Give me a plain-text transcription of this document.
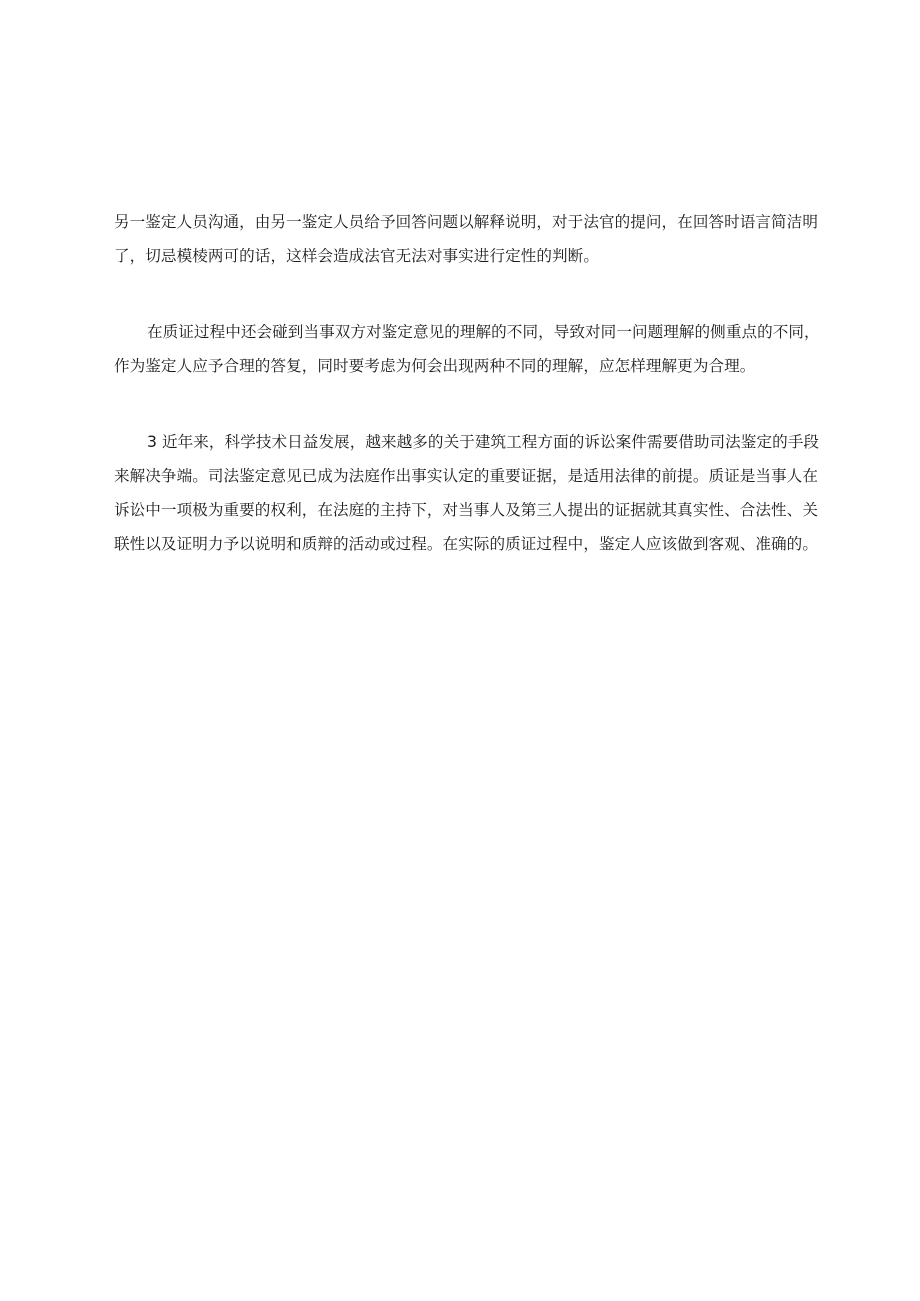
另一鉴定人员沟通，由另一鉴定人员给予回答问题以解释说明，对于法官的提问，在回答时语言简洁明
了，切忌模棱两可的话，这样会造成法官无法对事实进行定性的判断。
在质证过程中还会碰到当事双方对鉴定意见的理解的不同，导致对同一问题理解的侧重点的不同，
作为鉴定人应予合理的答复，同时要考虑为何会出现两种不同的理解，应怎样理解更为合理。
3 近年来，科学技术日益发展，越来越多的关于建筑工程方面的诉讼案件需要借助司法鉴定的手段
来解决争端。司法鉴定意见已成为法庭作出事实认定的重要证据，是适用法律的前提。质证是当事人在
诉讼中一项极为重要的权利，在法庭的主持下，对当事人及第三人提出的证据就其真实性、合法性、关
联性以及证明力予以说明和质辩的活动或过程。在实际的质证过程中，鉴定人应该做到客观、准确的。
